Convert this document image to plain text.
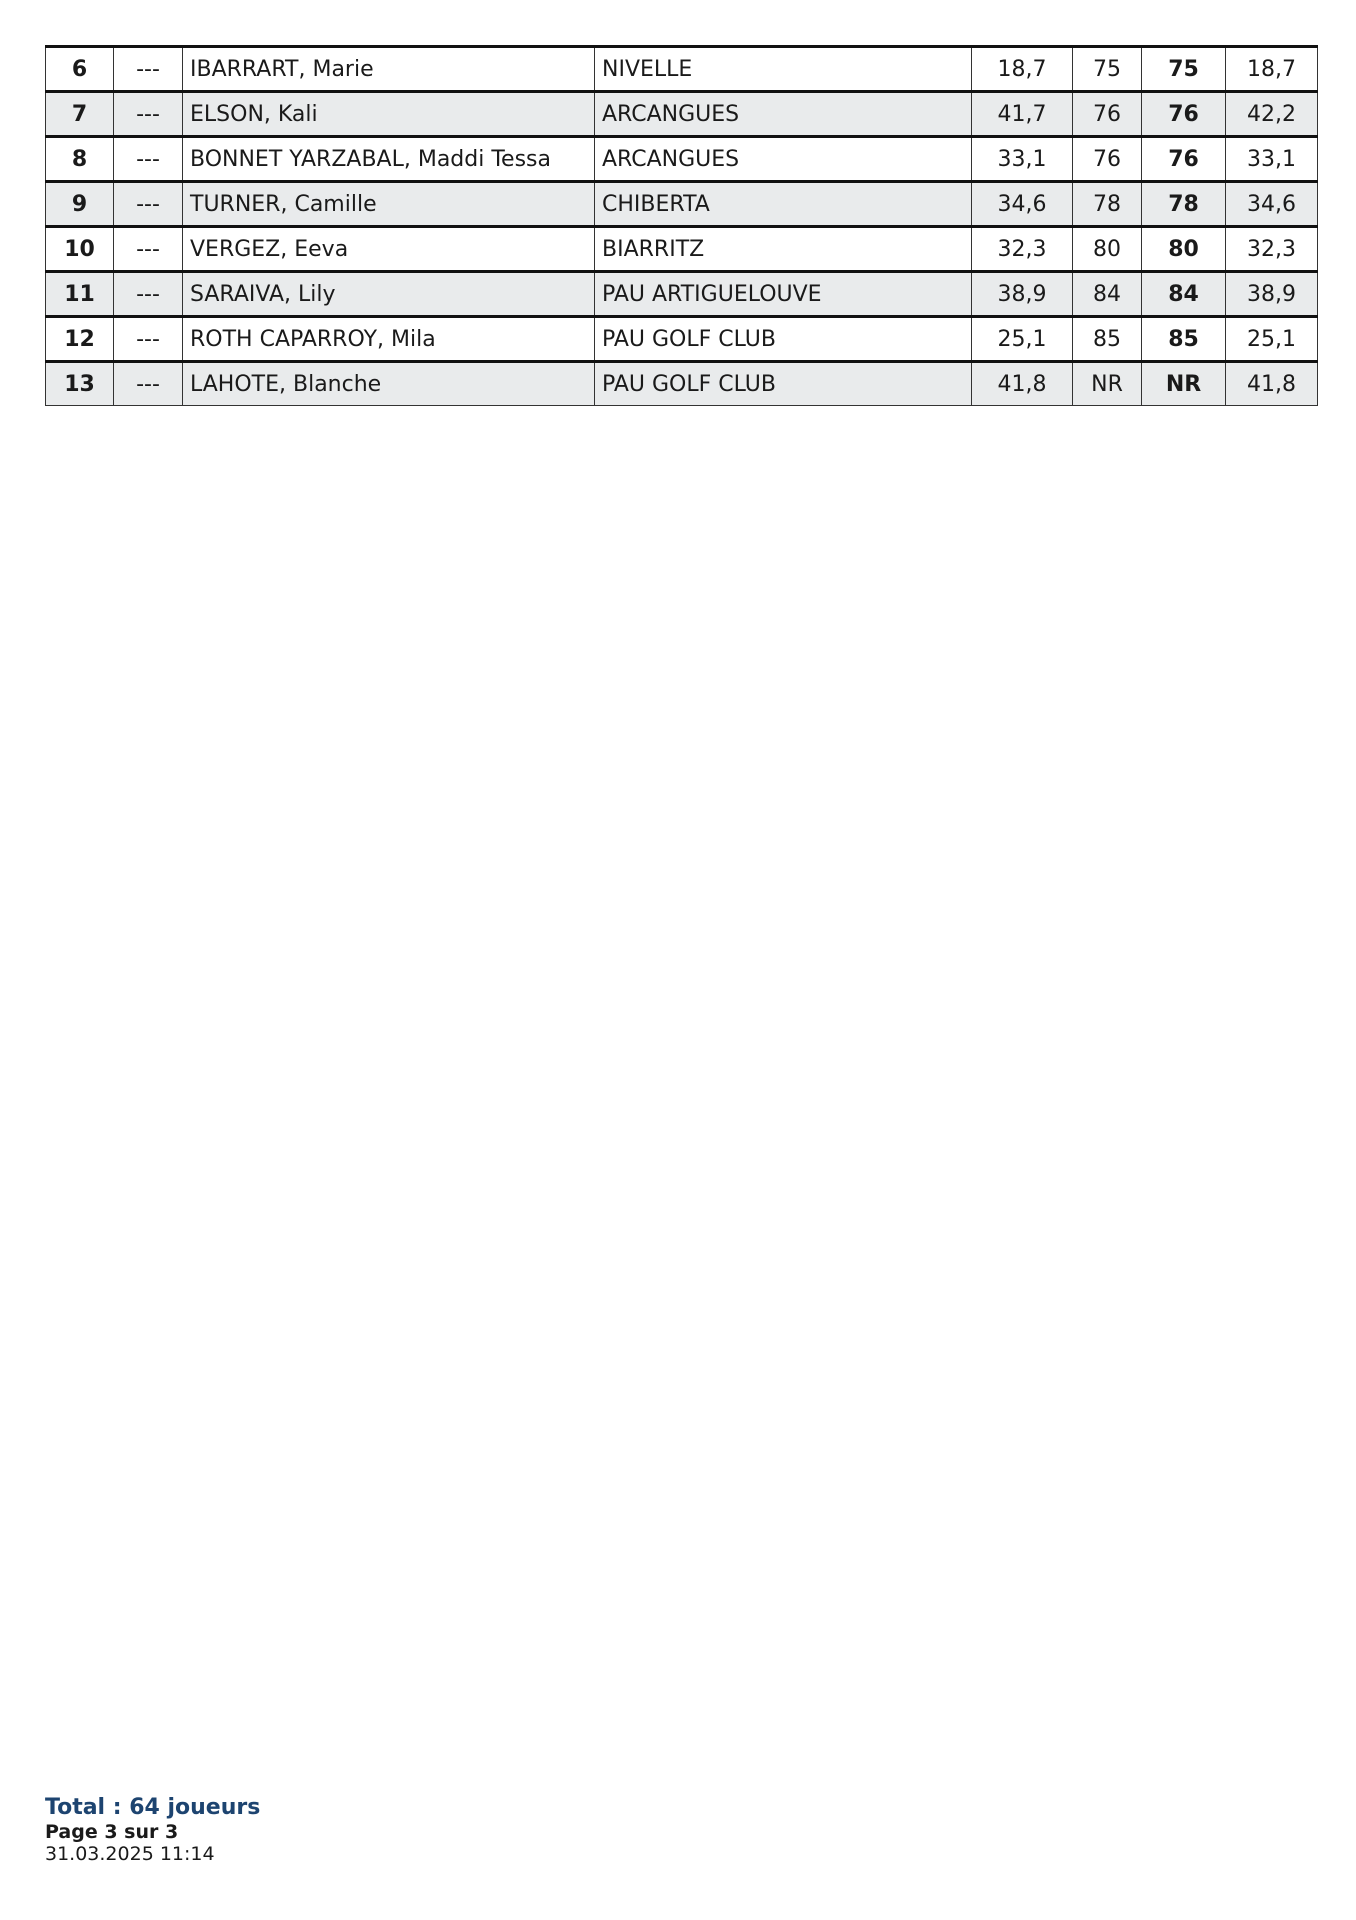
6	---	IBARRART, Marie	NIVELLE	18,7	75	75	18,7
7	---	ELSON, Kali	ARCANGUES	41,7	76	76	42,2
8	---	BONNET YARZABAL, Maddi Tessa	ARCANGUES	33,1	76	76	33,1
9	---	TURNER, Camille	CHIBERTA	34,6	78	78	34,6
10	---	VERGEZ, Eeva	BIARRITZ	32,3	80	80	32,3
11	---	SARAIVA, Lily	PAU ARTIGUELOUVE	38,9	84	84	38,9
12	---	ROTH CAPARROY, Mila	PAU GOLF CLUB	25,1	85	85	25,1
13	---	LAHOTE, Blanche	PAU GOLF CLUB	41,8	NR	NR	41,8
Total : 64 joueurs
Page 3 sur 3
31.03.2025 11:14
